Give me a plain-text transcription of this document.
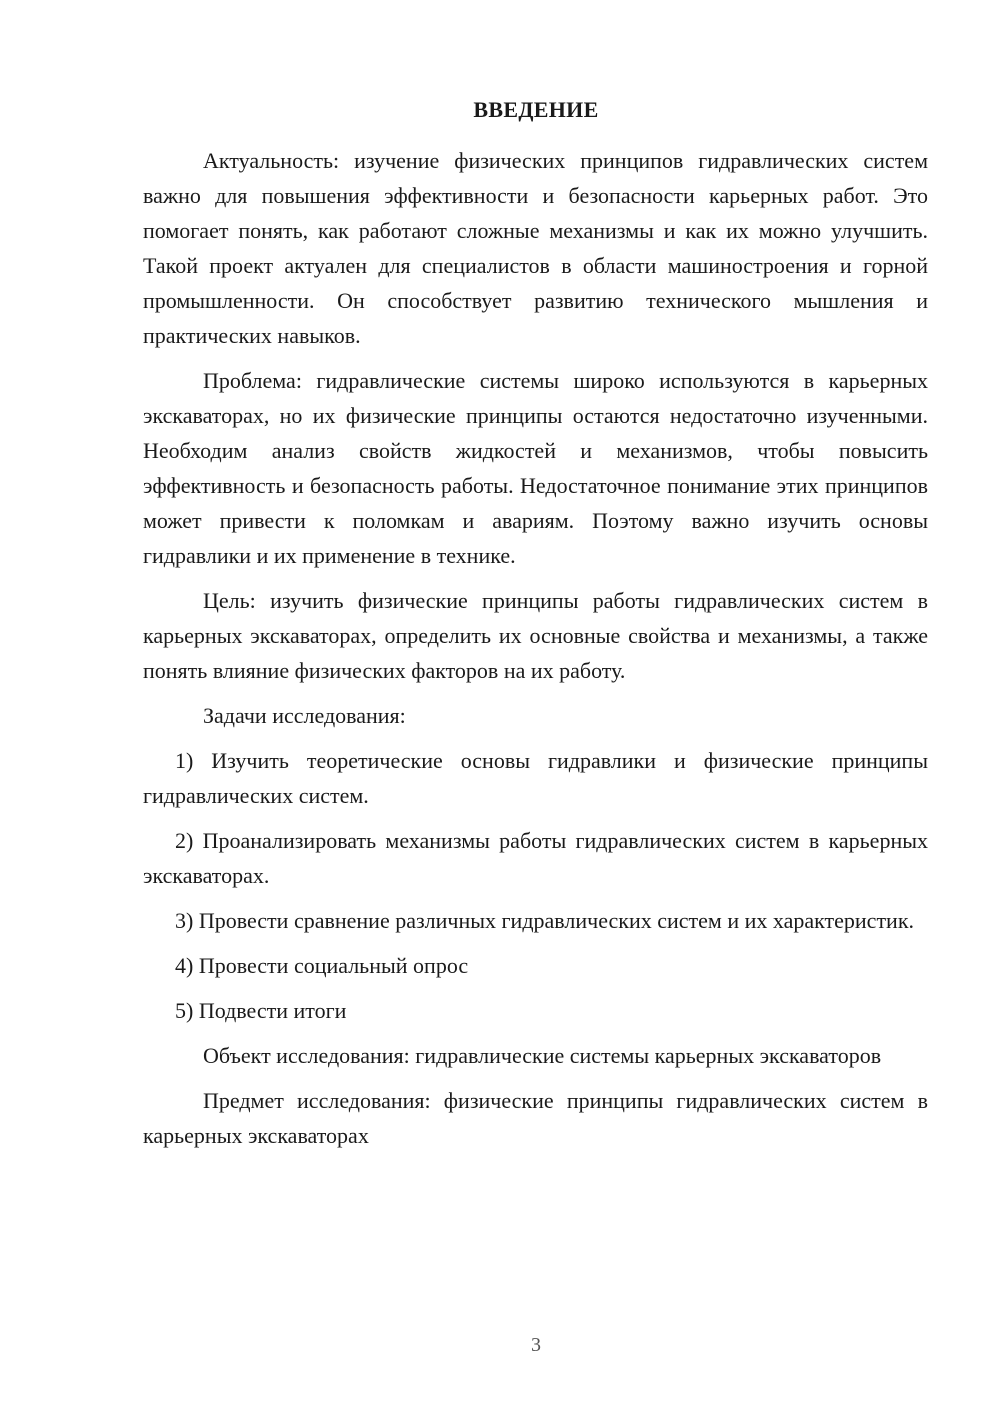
ВВЕДЕНИЕ

Актуальность: изучение физических принципов гидравлических систем важно для повышения эффективности и безопасности карьерных работ. Это помогает понять, как работают сложные механизмы и как их можно улучшить. Такой проект актуален для специалистов в области машиностроения и горной промышленности. Он способствует развитию технического мышления и практических навыков.

Проблема: гидравлические системы широко используются в карьерных экскаваторах, но их физические принципы остаются недостаточно изученными. Необходим анализ свойств жидкостей и механизмов, чтобы повысить эффективность и безопасность работы. Недостаточное понимание этих принципов может привести к поломкам и авариям. Поэтому важно изучить основы гидравлики и их применение в технике.

Цель: изучить физические принципы работы гидравлических систем в карьерных экскаваторах, определить их основные свойства и механизмы, а также понять влияние физических факторов на их работу.

Задачи исследования:

1) Изучить теоретические основы гидравлики и физические принципы гидравлических систем.

2) Проанализировать механизмы работы гидравлических систем в карьерных экскаваторах.

3) Провести сравнение различных гидравлических систем и их характеристик.

4) Провести социальный опрос

5) Подвести итоги

Объект исследования: гидравлические системы карьерных экскаваторов

Предмет исследования: физические принципы гидравлических систем в карьерных экскаваторах

3
